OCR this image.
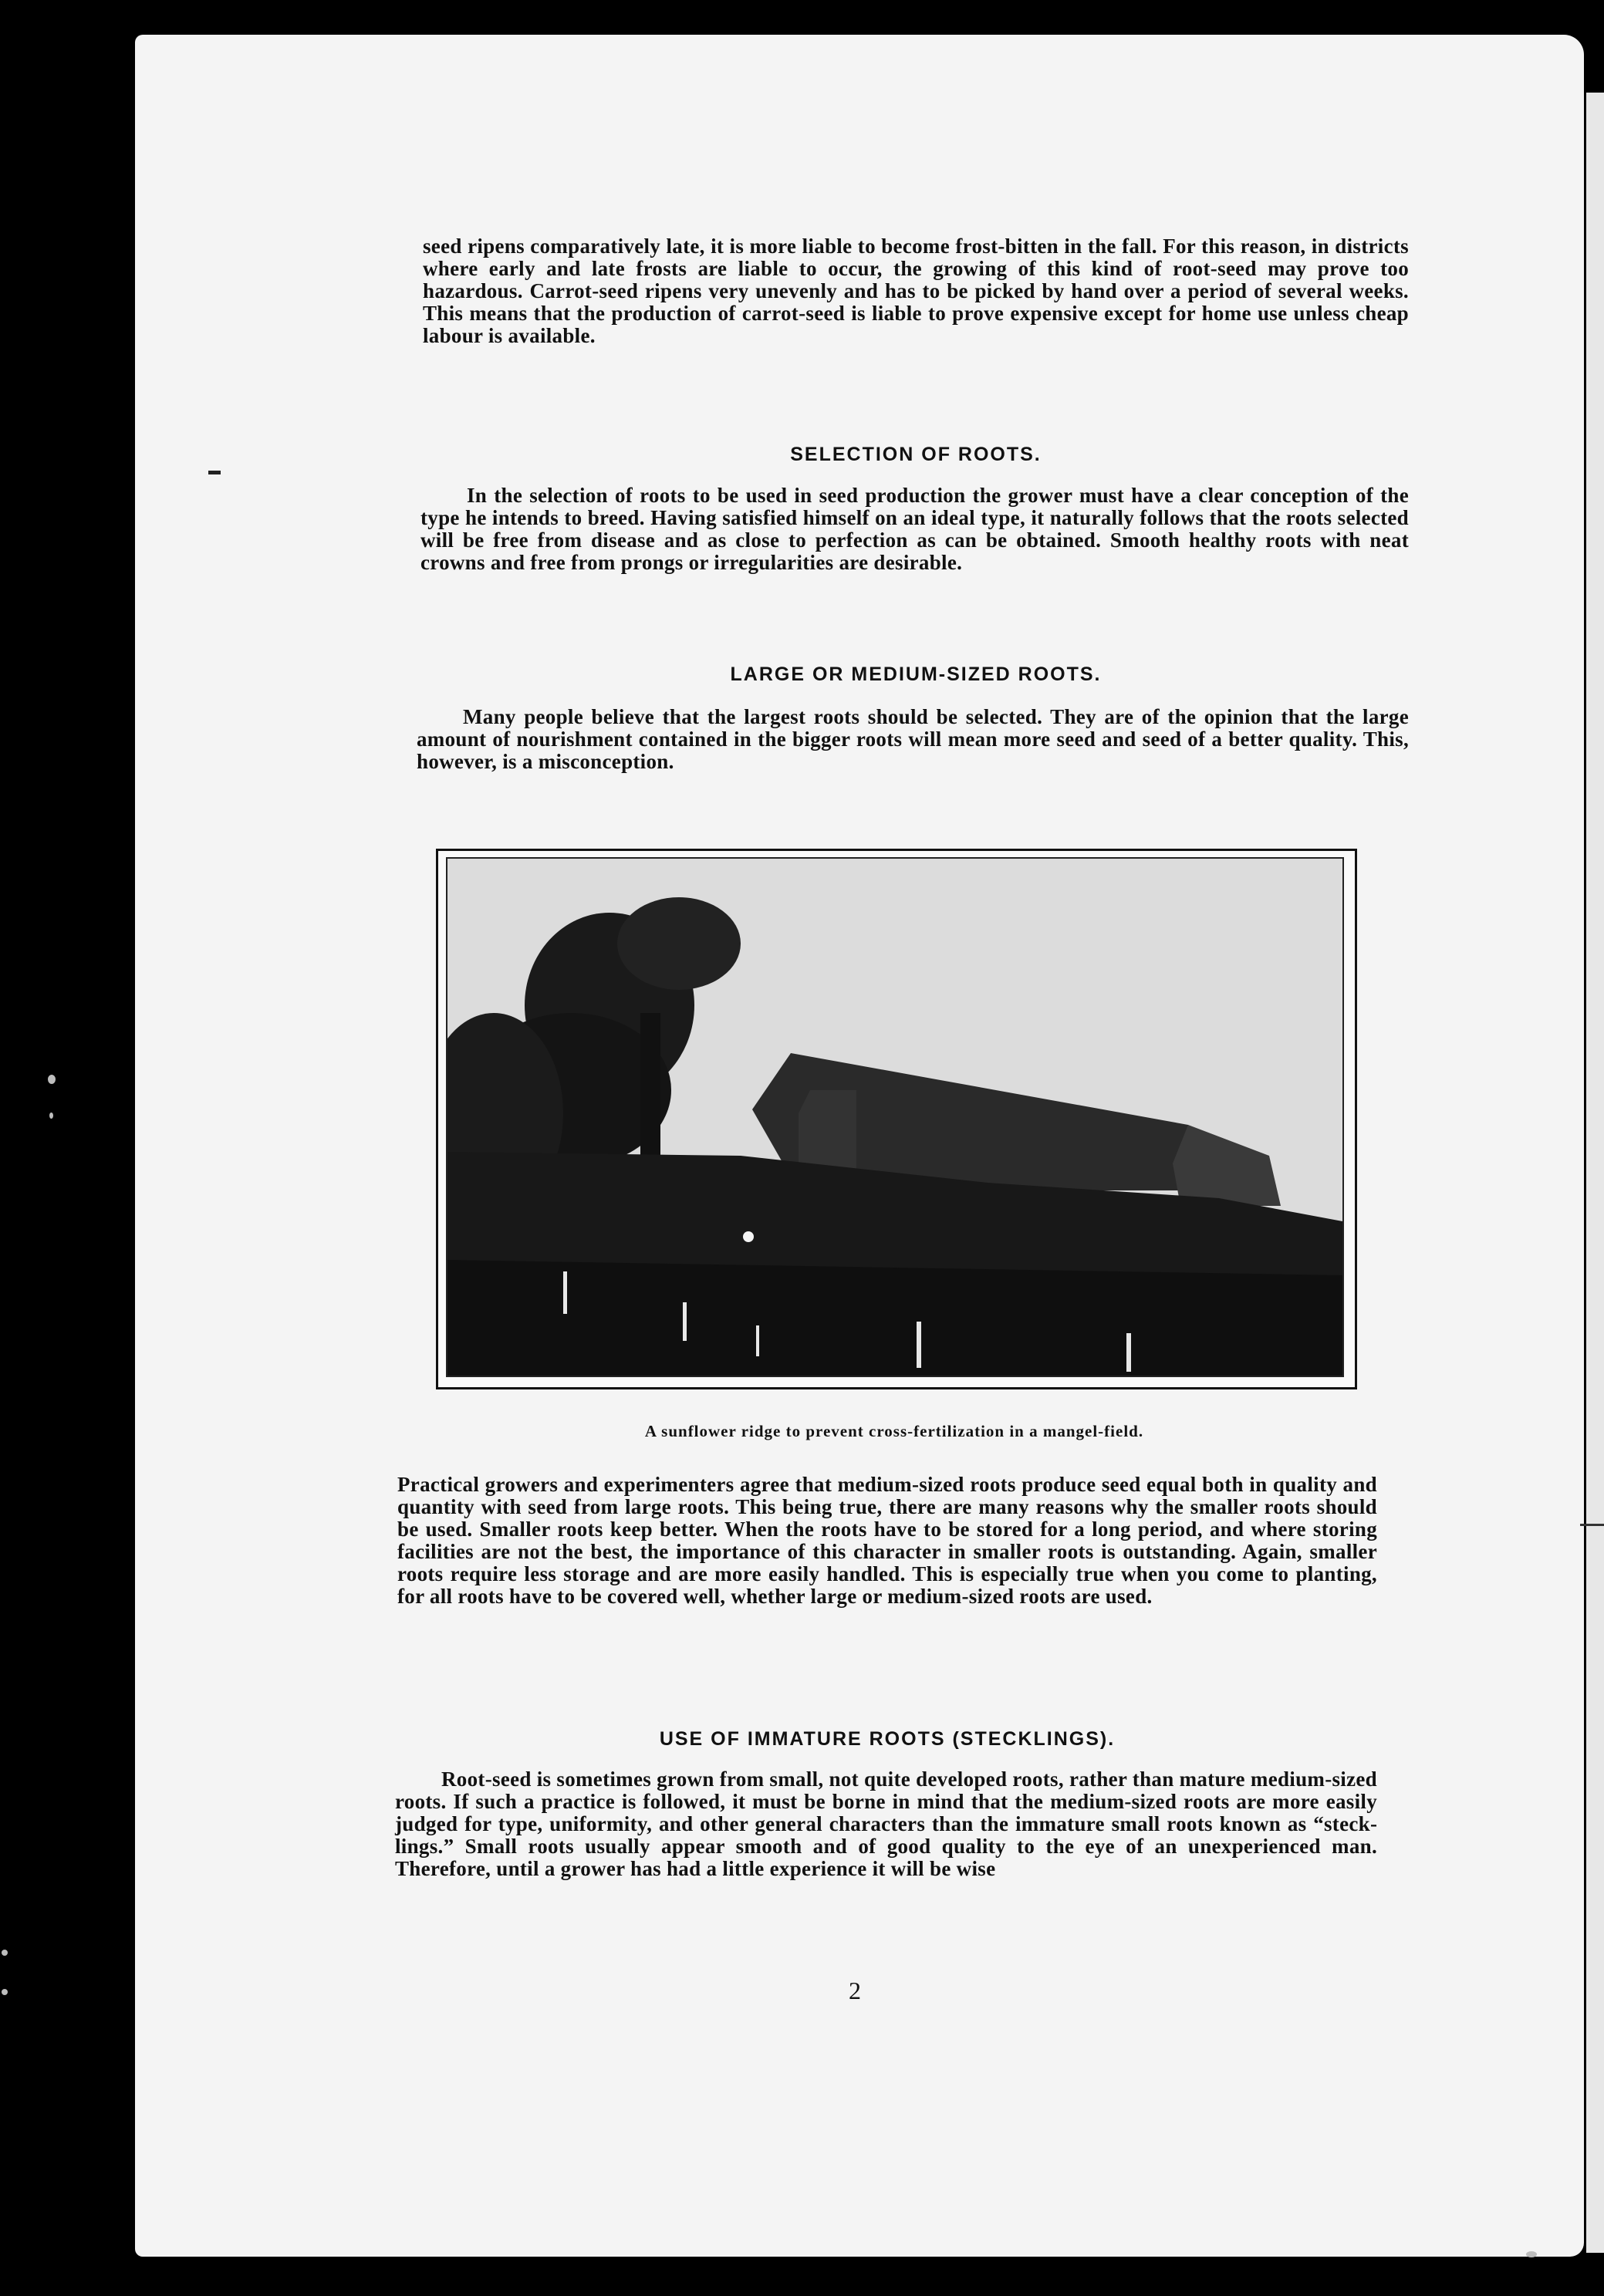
seed ripens comparatively late, it is more liable to become frost-bitten in the fall. For this reason, in districts where early and late frosts are liable to occur, the growing of this kind of root-seed may prove too hazardous. Carrot-seed ripens very unevenly and has to be picked by hand over a period of several weeks. This means that the production of carrot-seed is liable to prove expensive except for home use unless cheap labour is available.

SELECTION OF ROOTS.

In the selection of roots to be used in seed production the grower must have a clear conception of the type he intends to breed. Having satisfied himself on an ideal type, it naturally follows that the roots selected will be free from disease and as close to perfection as can be obtained. Smooth healthy roots with neat crowns and free from prongs or irregularities are desirable.

LARGE OR MEDIUM-SIZED ROOTS.

Many people believe that the largest roots should be selected. They are of the opinion that the large amount of nourishment contained in the bigger roots will mean more seed and seed of a better quality. This, however, is a misconception.

A sunflower ridge to prevent cross-fertilization in a mangel-field.

Practical growers and experimenters agree that medium-sized roots produce seed equal both in quality and quantity with seed from large roots. This being true, there are many reasons why the smaller roots should be used. Smaller roots keep better. When the roots have to be stored for a long period, and where storing facilities are not the best, the importance of this character in smaller roots is outstanding. Again, smaller roots require less storage and are more easily handled. This is especially true when you come to planting, for all roots have to be covered well, whether large or medium-sized roots are used.

USE OF IMMATURE ROOTS (STECKLINGS).

Root-seed is sometimes grown from small, not quite developed roots, rather than mature medium-sized roots. If such a practice is followed, it must be borne in mind that the medium-sized roots are more easily judged for type, uniformity, and other general characters than the immature small roots known as “stecklings.” Small roots usually appear smooth and of good quality to the eye of an unexperienced man. Therefore, until a grower has had a little experience it will be wise

2
